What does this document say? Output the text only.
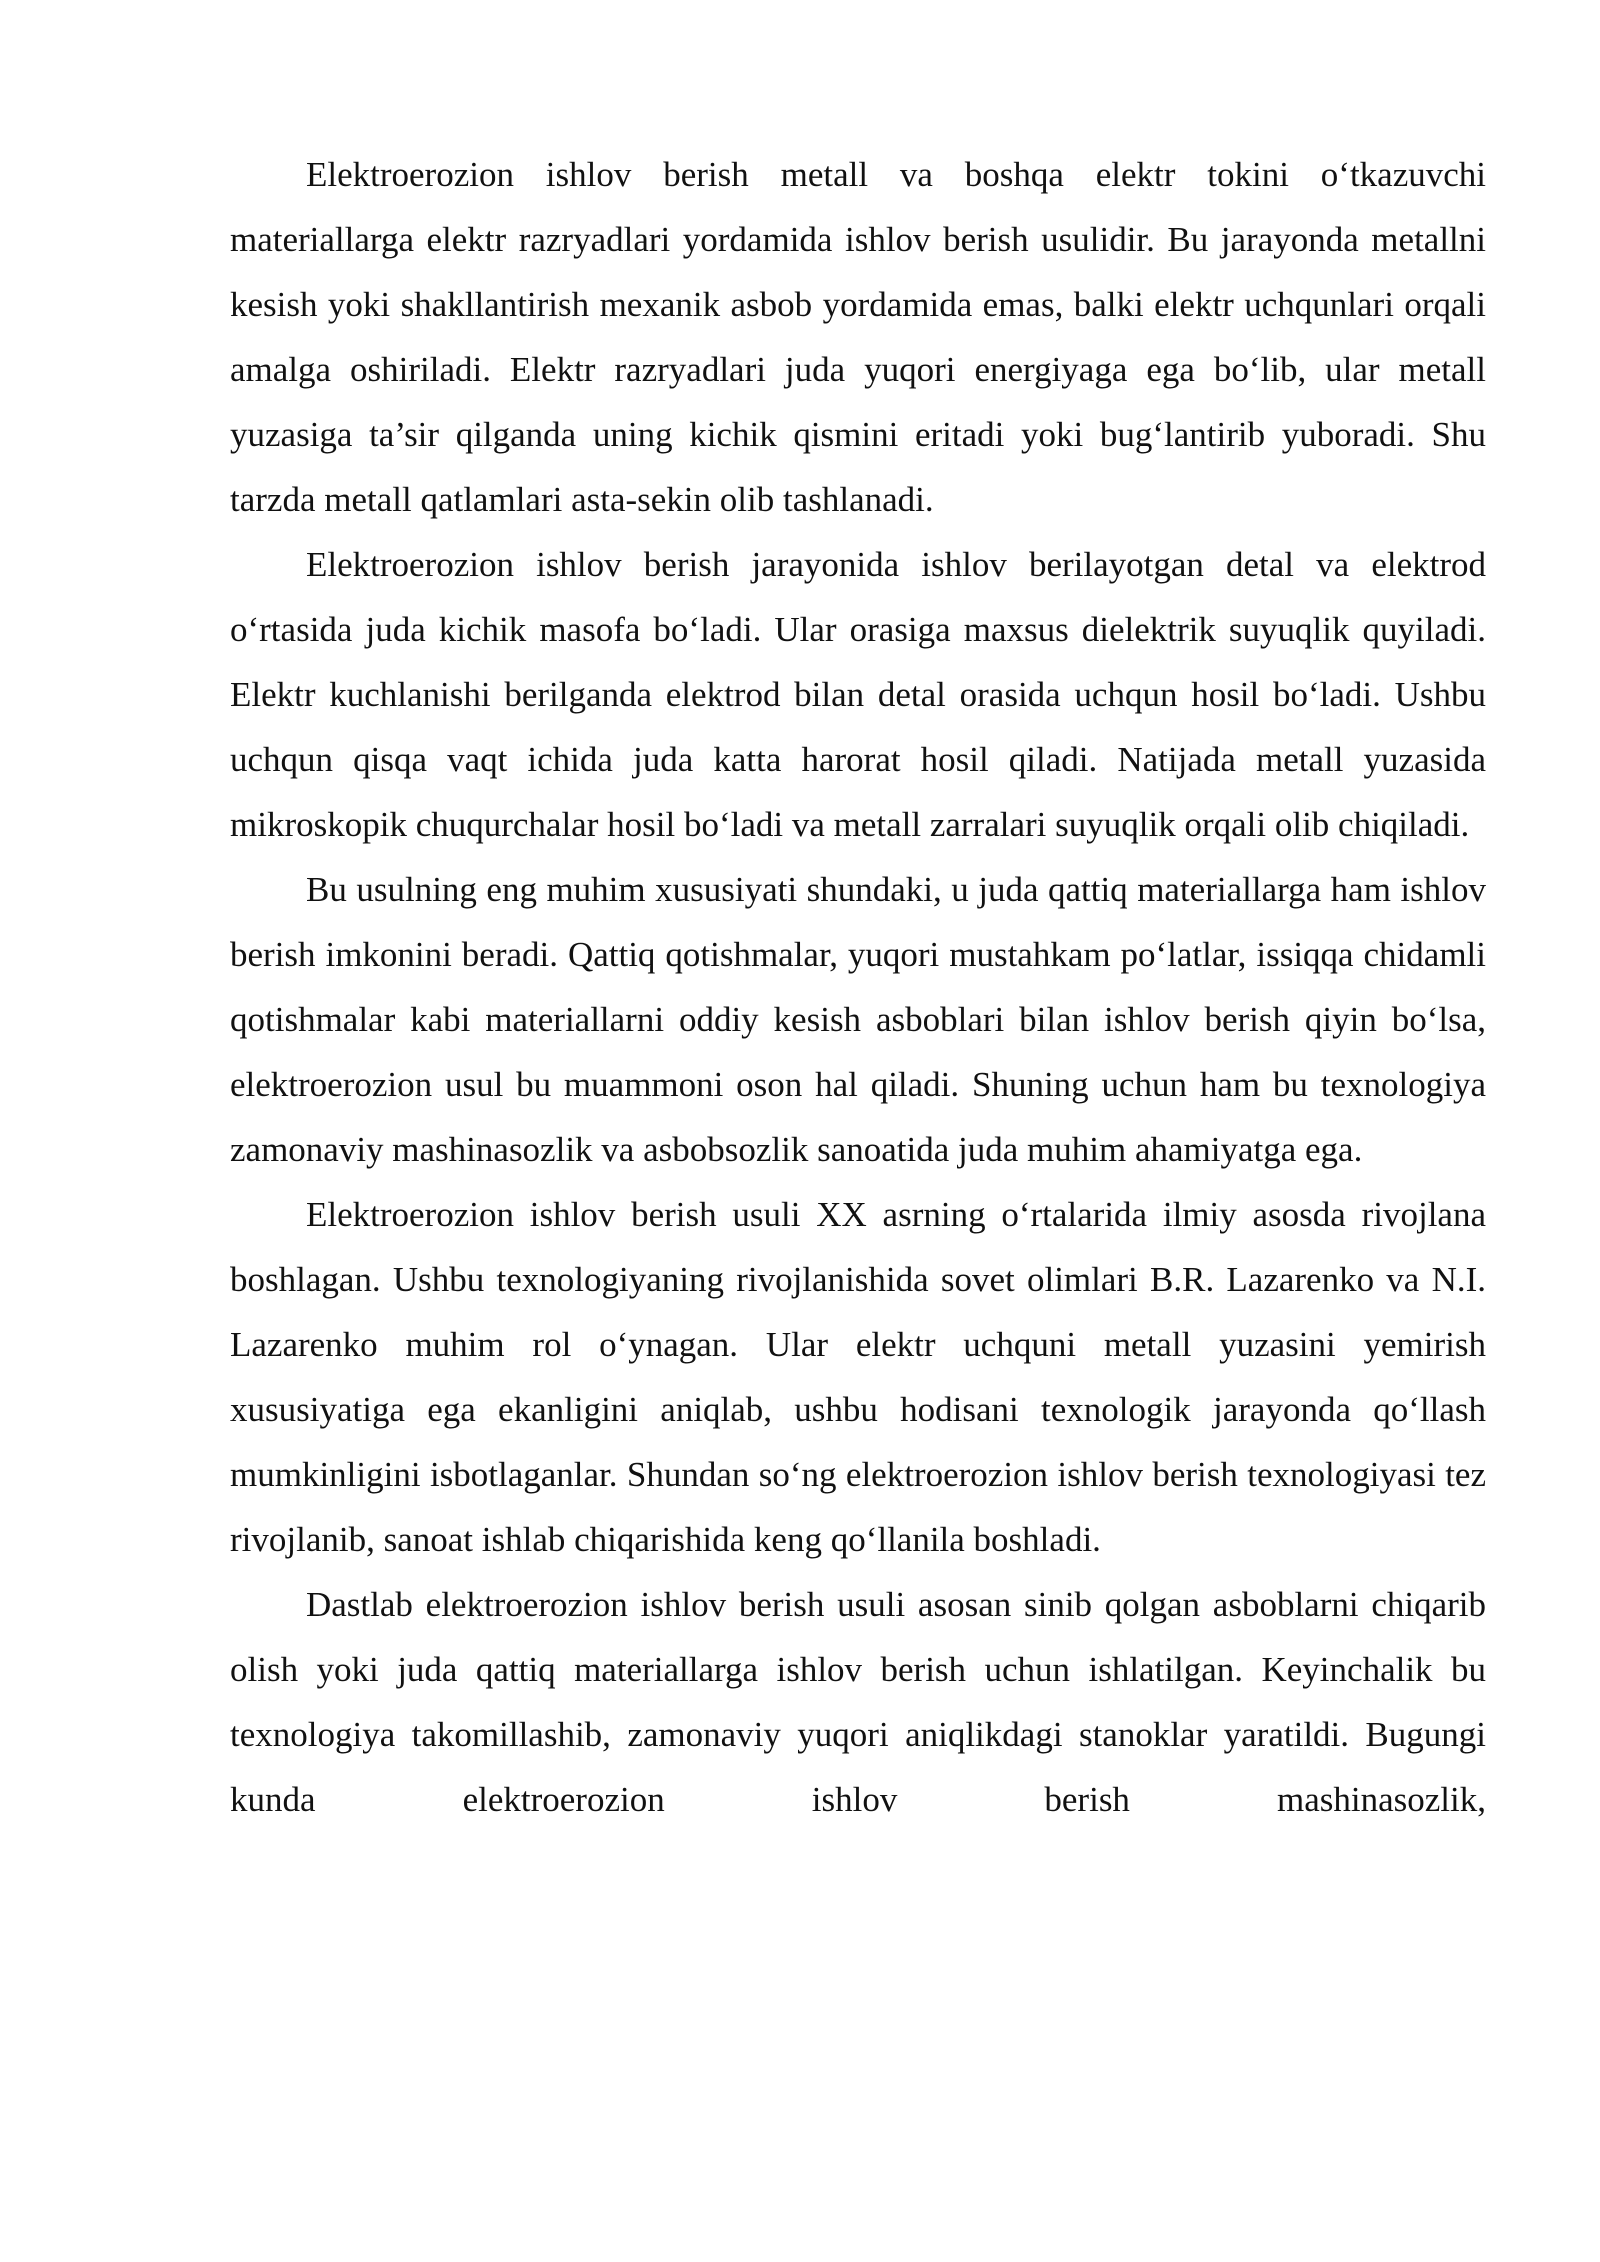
Elektroerozion ishlov berish metall va boshqa elektr tokini o‘tkazuvchi materiallarga elektr razryadlari yordamida ishlov berish usulidir. Bu jarayonda metallni kesish yoki shakllantirish mexanik asbob yordamida emas, balki elektr uchqunlari orqali amalga oshiriladi. Elektr razryadlari juda yuqori energiyaga ega bo‘lib, ular metall yuzasiga ta’sir qilganda uning kichik qismini eritadi yoki bug‘lantirib yuboradi. Shu tarzda metall qatlamlari asta-sekin olib tashlanadi.

Elektroerozion ishlov berish jarayonida ishlov berilayotgan detal va elektrod o‘rtasida juda kichik masofa bo‘ladi. Ular orasiga maxsus dielektrik suyuqlik quyiladi. Elektr kuchlanishi berilganda elektrod bilan detal orasida uchqun hosil bo‘ladi. Ushbu uchqun qisqa vaqt ichida juda katta harorat hosil qiladi. Natijada metall yuzasida mikroskopik chuqurchalar hosil bo‘ladi va metall zarralari suyuqlik orqali olib chiqiladi.

Bu usulning eng muhim xususiyati shundaki, u juda qattiq materiallarga ham ishlov berish imkonini beradi. Qattiq qotishmalar, yuqori mustahkam po‘latlar, issiqqa chidamli qotishmalar kabi materiallarni oddiy kesish asboblari bilan ishlov berish qiyin bo‘lsa, elektroerozion usul bu muammoni oson hal qiladi. Shuning uchun ham bu texnologiya zamonaviy mashinasozlik va asbobsozlik sanoatida juda muhim ahamiyatga ega.

Elektroerozion ishlov berish usuli XX asrning o‘rtalarida ilmiy asosda rivojlana boshlagan. Ushbu texnologiyaning rivojlanishida sovet olimlari B.R. Lazarenko va N.I. Lazarenko muhim rol o‘ynagan. Ular elektr uchquni metall yuzasini yemirish xususiyatiga ega ekanligini aniqlab, ushbu hodisani texnologik jarayonda qo‘llash mumkinligini isbotlaganlar. Shundan so‘ng elektroerozion ishlov berish texnologiyasi tez rivojlanib, sanoat ishlab chiqarishida keng qo‘llanila boshladi.

Dastlab elektroerozion ishlov berish usuli asosan sinib qolgan asboblarni chiqarib olish yoki juda qattiq materiallarga ishlov berish uchun ishlatilgan. Keyinchalik bu texnologiya takomillashib, zamonaviy yuqori aniqlikdagi stanoklar yaratildi. Bugungi kunda elektroerozion ishlov berish mashinasozlik,
